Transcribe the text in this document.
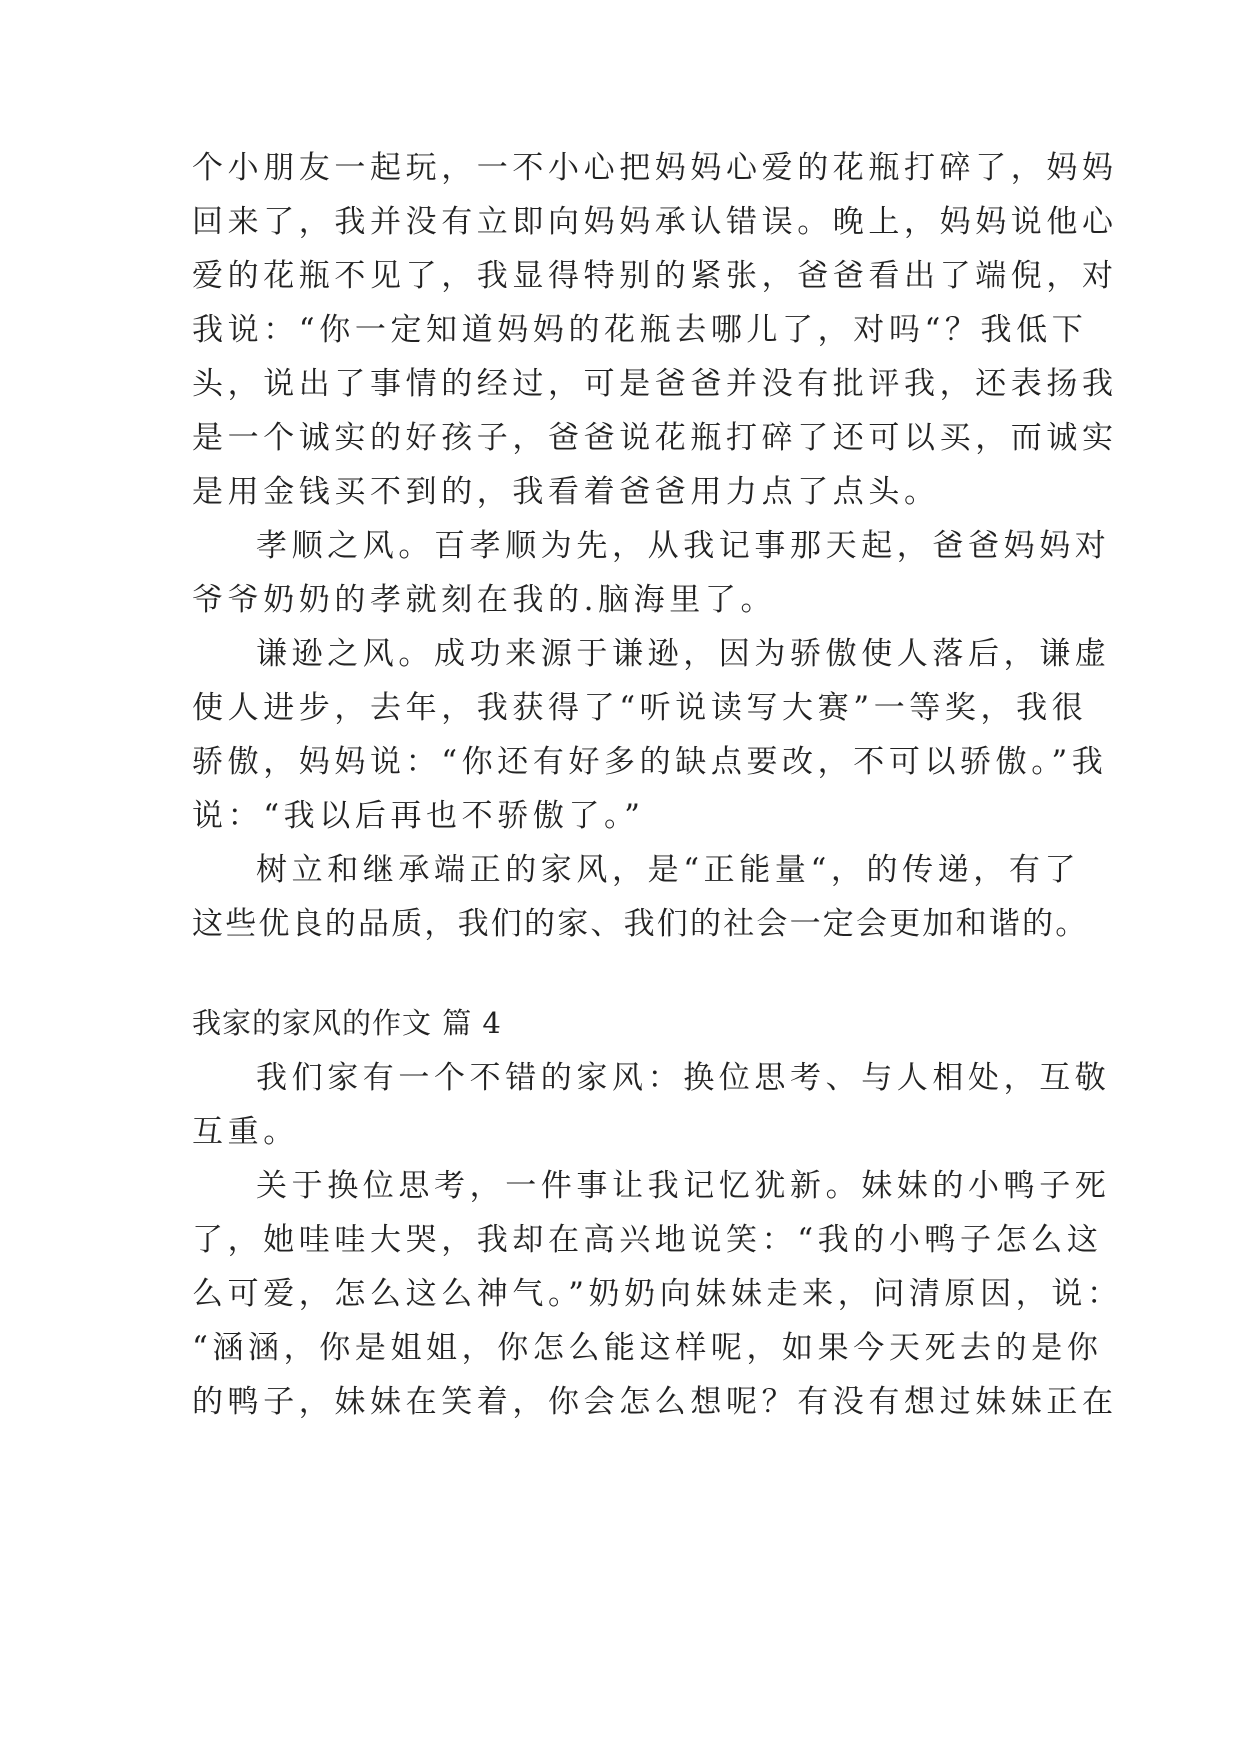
个小朋友一起玩，一不小心把妈妈心爱的花瓶打碎了，妈妈
回来了，我并没有立即向妈妈承认错误。晚上，妈妈说他心
爱的花瓶不见了，我显得特别的紧张，爸爸看出了端倪，对
我说：“你一定知道妈妈的花瓶去哪儿了，对吗“？我低下
头，说出了事情的经过，可是爸爸并没有批评我，还表扬我
是一个诚实的好孩子，爸爸说花瓶打碎了还可以买，而诚实
是用金钱买不到的，我看着爸爸用力点了点头。
孝顺之风。百孝顺为先，从我记事那天起，爸爸妈妈对
爷爷奶奶的孝就刻在我的.脑海里了。
谦逊之风。成功来源于谦逊，因为骄傲使人落后，谦虚
使人进步，去年，我获得了“听说读写大赛”一等奖，我很
骄傲，妈妈说：“你还有好多的缺点要改，不可以骄傲。”我
说：“我以后再也不骄傲了。”
树立和继承端正的家风，是“正能量“，的传递，有了
这些优良的品质，我们的家、我们的社会一定会更加和谐的。
我家的家风的作文 篇 4
我们家有一个不错的家风：换位思考、与人相处，互敬
互重。
关于换位思考，一件事让我记忆犹新。妹妹的小鸭子死
了，她哇哇大哭，我却在高兴地说笑：“我的小鸭子怎么这
么可爱，怎么这么神气。”奶奶向妹妹走来，问清原因，说：
“涵涵，你是姐姐，你怎么能这样呢，如果今天死去的是你
的鸭子，妹妹在笑着，你会怎么想呢？有没有想过妹妹正在
